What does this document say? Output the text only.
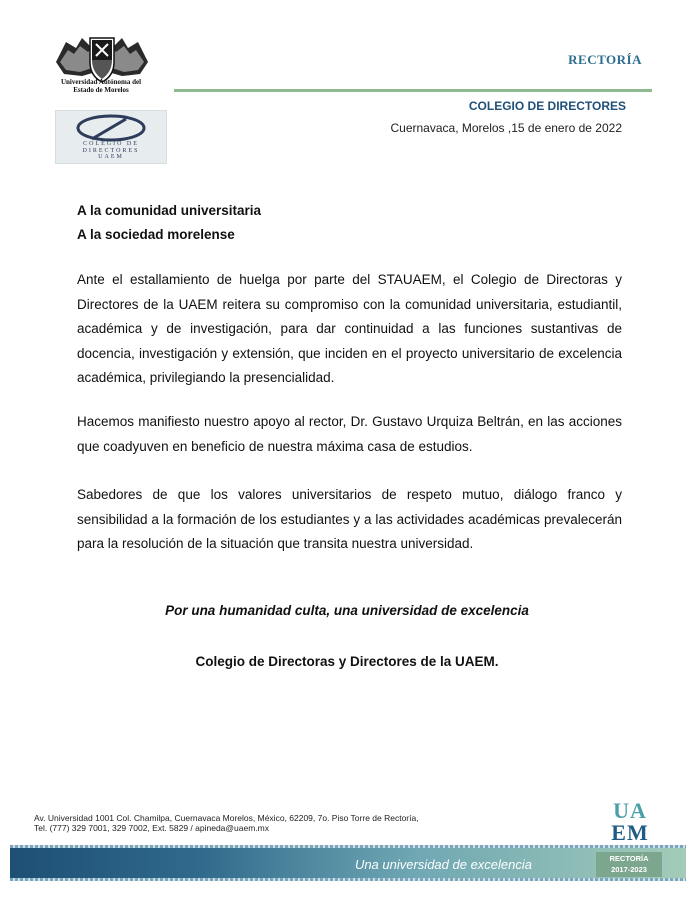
Universidad Autónoma del
Estado de Morelos
RECTORÍA
COLEGIO DE DIRECTORES
Cuernavaca, Morelos ,15 de enero de 2022
COLEGIO DE
DIRECTORES
UAEM
A la comunidad universitaria
A la sociedad morelense
Ante el estallamiento de huelga por parte del STAUAEM, el Colegio de Directoras y Directores de la UAEM reitera su compromiso con la comunidad universitaria, estudiantil, académica y de investigación, para dar continuidad a las funciones sustantivas de docencia, investigación y extensión, que inciden en el proyecto universitario de excelencia académica, privilegiando la presencialidad.
Hacemos manifiesto nuestro apoyo al rector, Dr. Gustavo Urquiza Beltrán, en las acciones que coadyuven en beneficio de nuestra máxima casa de estudios.
Sabedores de que los valores universitarios de respeto mutuo, diálogo franco y sensibilidad a la formación de los estudiantes y a las actividades académicas prevalecerán para la resolución de la situación que transita nuestra universidad.
Por una humanidad culta, una universidad de excelencia
Colegio de Directoras y Directores de la UAEM.
Av. Universidad 1001 Col. Chamilpa, Cuernavaca Morelos, México, 62209, 7o. Piso Torre de Rectoría,
Tel. (777) 329 7001, 329 7002, Ext. 5829 / apineda@uaem.mx
UA
EM
Una universidad de excelencia	RECTORÍA
2017-2023
